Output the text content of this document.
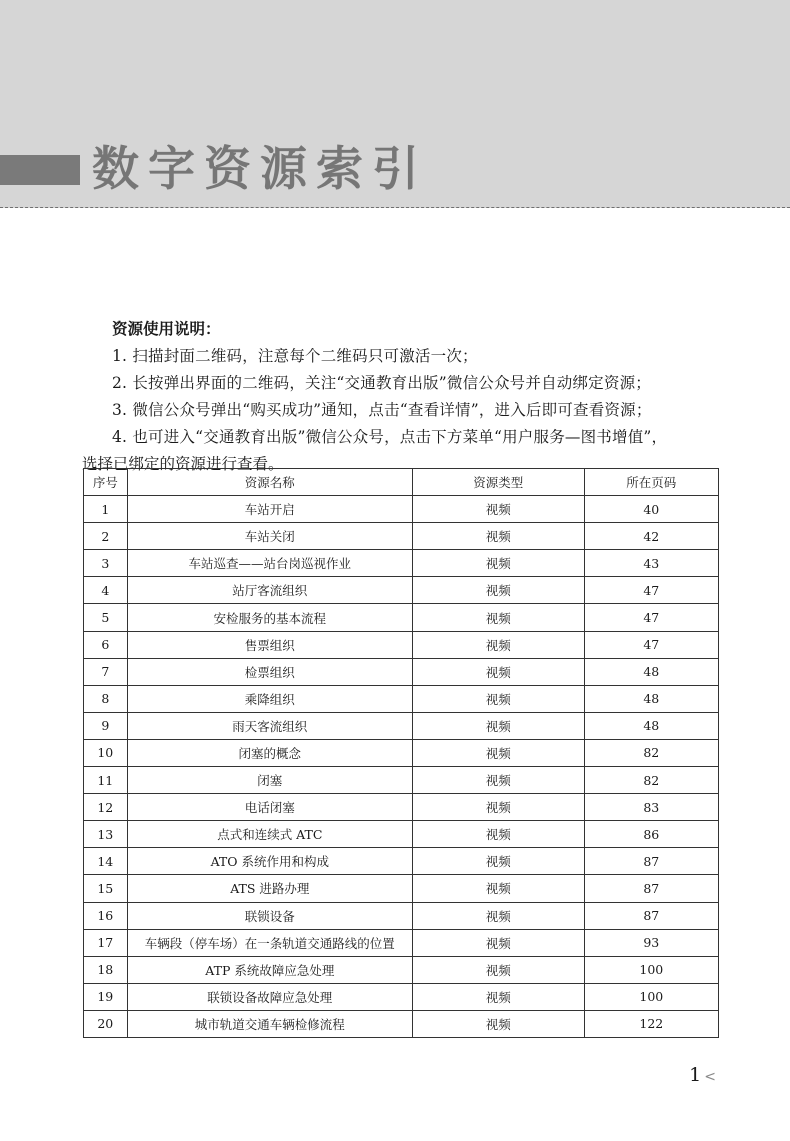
数字资源索引
资源使用说明：
1. 扫描封面二维码，注意每个二维码只可激活一次；
2. 长按弹出界面的二维码，关注“交通教育出版”微信公众号并自动绑定资源；
3. 微信公众号弹出“购买成功”通知，点击“查看详情”，进入后即可查看资源；
4. 也可进入“交通教育出版”微信公众号，点击下方菜单“用户服务—图书增值”，
选择已绑定的资源进行查看。
序号	资源名称	资源类型	所在页码
1	车站开启	视频	40
2	车站关闭	视频	42
3	车站巡查——站台岗巡视作业	视频	43
4	站厅客流组织	视频	47
5	安检服务的基本流程	视频	47
6	售票组织	视频	47
7	检票组织	视频	48
8	乘降组织	视频	48
9	雨天客流组织	视频	48
10	闭塞的概念	视频	82
11	闭塞	视频	82
12	电话闭塞	视频	83
13	点式和连续式 ATC	视频	86
14	ATO 系统作用和构成	视频	87
15	ATS 进路办理	视频	87
16	联锁设备	视频	87
17	车辆段（停车场）在一条轨道交通路线的位置	视频	93
18	ATP 系统故障应急处理	视频	100
19	联锁设备故障应急处理	视频	100
20	城市轨道交通车辆检修流程	视频	122
1 <
